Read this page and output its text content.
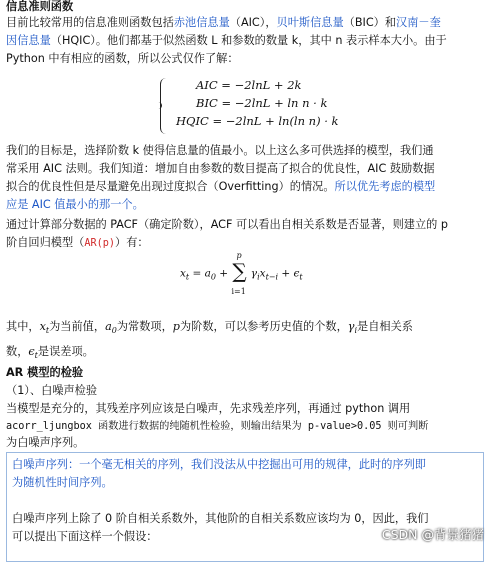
信息准则函数
目前比较常用的信息准则函数包括赤池信息量（AIC），贝叶斯信息量（BIC）和汉南－奎
因信息量（HQIC）。他们都基于似然函数 L 和参数的数量 k，其中 n 表示样本大小。由于
Python 中有相应的函数，所以公式仅作了解：
AIC = −2lnL + 2k
BIC = −2lnL + ln n · k
HQIC = −2lnL + ln(ln n) · k
我们的目标是，选择阶数 k 使得信息量的值最小。以上这么多可供选择的模型，我们通
常采用 AIC 法则。我们知道：增加自由参数的数目提高了拟合的优良性，AIC 鼓励数据
拟合的优良性但是尽量避免出现过度拟合（Overfitting）的情况。所以优先考虑的模型
应是 AIC 值最小的那一个。
通过计算部分数据的 PACF（确定阶数），ACF 可以看出自相关系数是否显著，则建立的 p
阶自回归模型（AR(p)）有：
$x_t = a_0$ +
p
∑
i=1
$\gamma_ix_{t-i} + \epsilon_t$
其中，$x_t$为当前值，$a_0$为常数项，p为阶数，可以参考历史值的个数，$\gamma_i$是自相关系
数，$\epsilon_t$是误差项。
AR 模型的检验
（1）、白噪声检验
当模型是充分的，其残差序列应该是白噪声，先求残差序列，再通过 python 调用
acorr_ljungbox 函数进行数据的纯随机性检验，则输出结果为 p-value>0.05 则可判断
为白噪声序列。
白噪声序列：一个毫无相关的序列，我们没法从中挖掘出可用的规律，此时的序列即
为随机性时间序列。
白噪声序列上除了 0 阶自相关系数外，其他阶的自相关系数应该均为 0，因此，我们
可以提出下面这样一个假设：	CSDN @背景猪猪
